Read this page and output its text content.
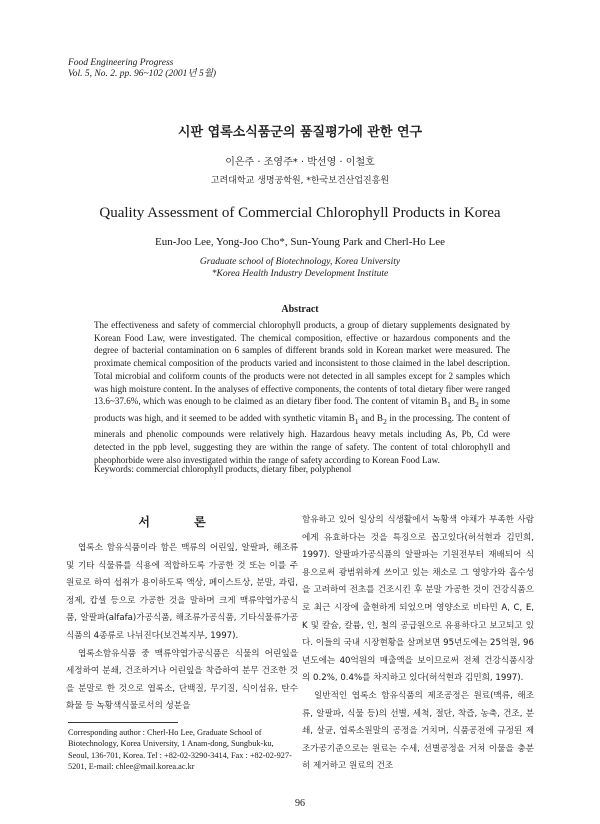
Food Engineering Progress
Vol. 5, No. 2. pp. 96~102 (2001년 5월)
시판 엽록소식품군의 품질평가에 관한 연구
이은주 · 조영주* · 박선영 · 이철호
고려대학교 생명공학원, *한국보건산업진흥원
Quality Assessment of Commercial Chlorophyll Products in Korea
Eun-Joo Lee, Yong-Joo Cho*, Sun-Young Park and Cherl-Ho Lee
Graduate school of Biotechnology, Korea University
*Korea Health Industry Development Institute
Abstract

The effectiveness and safety of commercial chlorophyll products, a group of dietary supplements designated by Korean Food Law, were investigated. The chemical composition, effective or hazardous components and the degree of bacterial contamination on 6 samples of different brands sold in Korean market were measured. The proximate chemical composition of the products varied and inconsistent to those claimed in the label description. Total microbial and coliform counts of the products were not detected in all samples except for 2 samples which was high moisture content. In the analyses of effective components, the contents of total dietary fiber were ranged 13.6~37.6%, which was enough to be claimed as an dietary fiber food. The content of vitamin $B_1$ and $B_2$ in some products was high, and it seemed to be added with synthetic vitamin $B_1$ and $B_2$ in the processing. The content of minerals and phenolic compounds were relatively high. Hazardous heavy metals including As, Pb, Cd were detected in the ppb level, suggesting they are within the range of safety. The content of total chlorophyll and pheophorbide were also investigated within the range of safety according to Korean Food Law.

Keywords: commercial chlorophyll products, dietary fiber, polyphenol
서 론

엽록소 함유식품이라 함은 맥류의 어린잎, 알팔파, 해조류 및 기타 식물류를 식용에 적합하도록 가공한 것 또는 이를 주원료로 하여 섭취가 용이하도록 액상, 페이스트상, 분말, 과립, 정제, 캅셀 등으로 가공한 것을 말하며 크게 맥류약엽가공식품, 알팔파(alfafa)가공식품, 해조류가공식품, 기타식물류가공식품의 4종류로 나뉘진다(보건복지부, 1997).

엽록소함유식품 중 맥류약엽가공식품은 식물의 어린잎을 세정하여 분쇄, 건조하거나 어린잎을 착즙하여 분무 건조한 것을 분말로 한 것으로 엽록소, 단백질, 무기질, 식이섬유, 탄수화물 등 녹황색식물로서의 성분을

함유하고 있어 일상의 식생활에서 녹황색 야채가 부족한 사람에게 유효하다는 것을 특징으로 꼽고있다(허석현과 김민희, 1997). 알팔파가공식품의 알팔파는 기원전부터 재배되어 식용으로써 광범위하게 쓰이고 있는 채소로 그 영양가와 흡수성을 고려하여 전초를 건조시킨 후 분말 가공한 것이 건강식품으로 최근 시장에 출현하게 되었으며 영양소로 비타민 A, C, E, K 및 칼슘, 칼륨, 인, 철의 공급원으로 유용하다고 보고되고 있다. 이들의 국내 시장현황을 살펴보면 95년도에는 25억원, 96년도에는 40억원의 매출액을 보이므로써 전체 건강식품시장의 0.2%, 0.4%를 차지하고 있다(허석현과 김민희, 1997).

일반적인 엽록소 함유식품의 제조공정은 원료(맥류, 해조류, 알팔파, 식물 등)의 선별, 세척, 절단, 착즙, 농축, 건조, 분쇄, 살균, 엽록소원말의 공정을 거치며, 식품공전에 규정된 제조가공기준으로는 원료는 수세, 선별공정을 거쳐 이물을 충분히 제거하고 원료의 건조

Corresponding author : Cherl-Ho Lee, Graduate School of Biotechnology, Korea University, 1 Anam-dong, Sungbuk-ku, Seoul, 136-701, Korea. Tel : +82-02-3290-3414, Fax : +82-02-927-5201, E-mail: chlee@mail.korea.ac.kr

96
